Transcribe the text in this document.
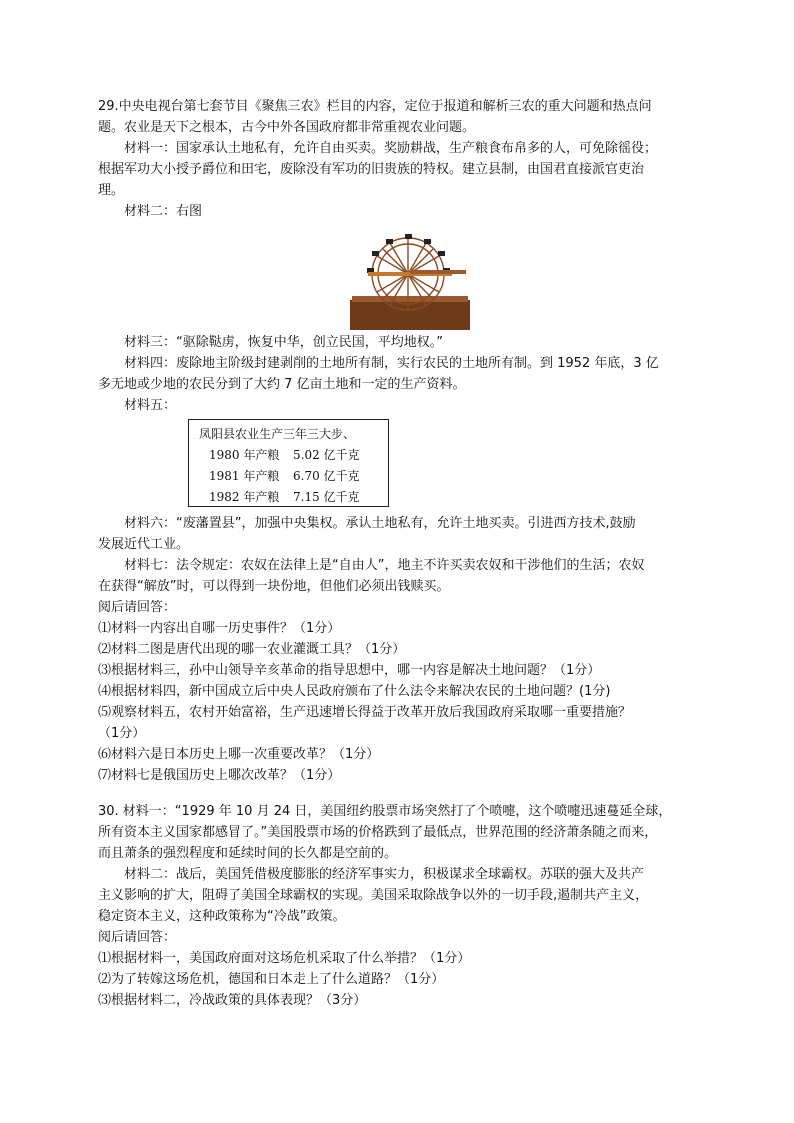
29.中央电视台第七套节目《聚焦三农》栏目的内容，定位于报道和解析三农的重大问题和热点问

题。农业是天下之根本，古今中外各国政府都非常重视农业问题。

材料一：国家承认土地私有，允许自由买卖。奖励耕战，生产粮食布帛多的人，可免除徭役；

根据军功大小授予爵位和田宅，废除没有军功的旧贵族的特权。建立县制，由国君直接派官吏治

理。

材料二：右图

材料三：“驱除鞑虏，恢复中华，创立民国，平均地权。”

材料四：废除地主阶级封建剥削的土地所有制，实行农民的土地所有制。到 1952 年底，3 亿

多无地或少地的农民分到了大约 7 亿亩土地和一定的生产资料。

材料五：

凤阳县农业生产三年三大步、
1980 年产粮 5.02 亿千克
1981 年产粮 6.70 亿千克
1982 年产粮 7.15 亿千克

材料六：“废藩置县”，加强中央集权。承认土地私有，允许土地买卖。引进西方技术,鼓励

发展近代工业。

材料七：法令规定：农奴在法律上是“自由人”，地主不许买卖农奴和干涉他们的生活；农奴

在获得“解放”时，可以得到一块份地，但他们必须出钱赎买。

阅后请回答：

⑴材料一内容出自哪一历史事件？（1分）

⑵材料二图是唐代出现的哪一农业灌溉工具？（1分）

⑶根据材料三，孙中山领导辛亥革命的指导思想中，哪一内容是解决土地问题？（1分）

⑷根据材料四，新中国成立后中央人民政府颁布了什么法令来解决农民的土地问题？(1分)

⑸观察材料五，农村开始富裕，生产迅速增长得益于改革开放后我国政府采取哪一重要措施？

（1分）

⑹材料六是日本历史上哪一次重要改革？（1分）

⑺材料七是俄国历史上哪次改革？（1分）

30. 材料一：“1929 年 10 月 24 日，美国纽约股票市场突然打了个喷嚏，这个喷嚏迅速蔓延全球，

所有资本主义国家都感冒了。”美国股票市场的价格跌到了最低点，世界范围的经济萧条随之而来，

而且萧条的强烈程度和延续时间的长久都是空前的。

材料二：战后，美国凭借极度膨胀的经济军事实力，积极谋求全球霸权。苏联的强大及共产

主义影响的扩大，阻碍了美国全球霸权的实现。美国采取除战争以外的一切手段,遏制共产主义，

稳定资本主义，这种政策称为“冷战”政策。

阅后请回答：

⑴根据材料一，美国政府面对这场危机采取了什么举措？（1分）

⑵为了转嫁这场危机，德国和日本走上了什么道路？（1分）

⑶根据材料二，冷战政策的具体表现？（3分）
